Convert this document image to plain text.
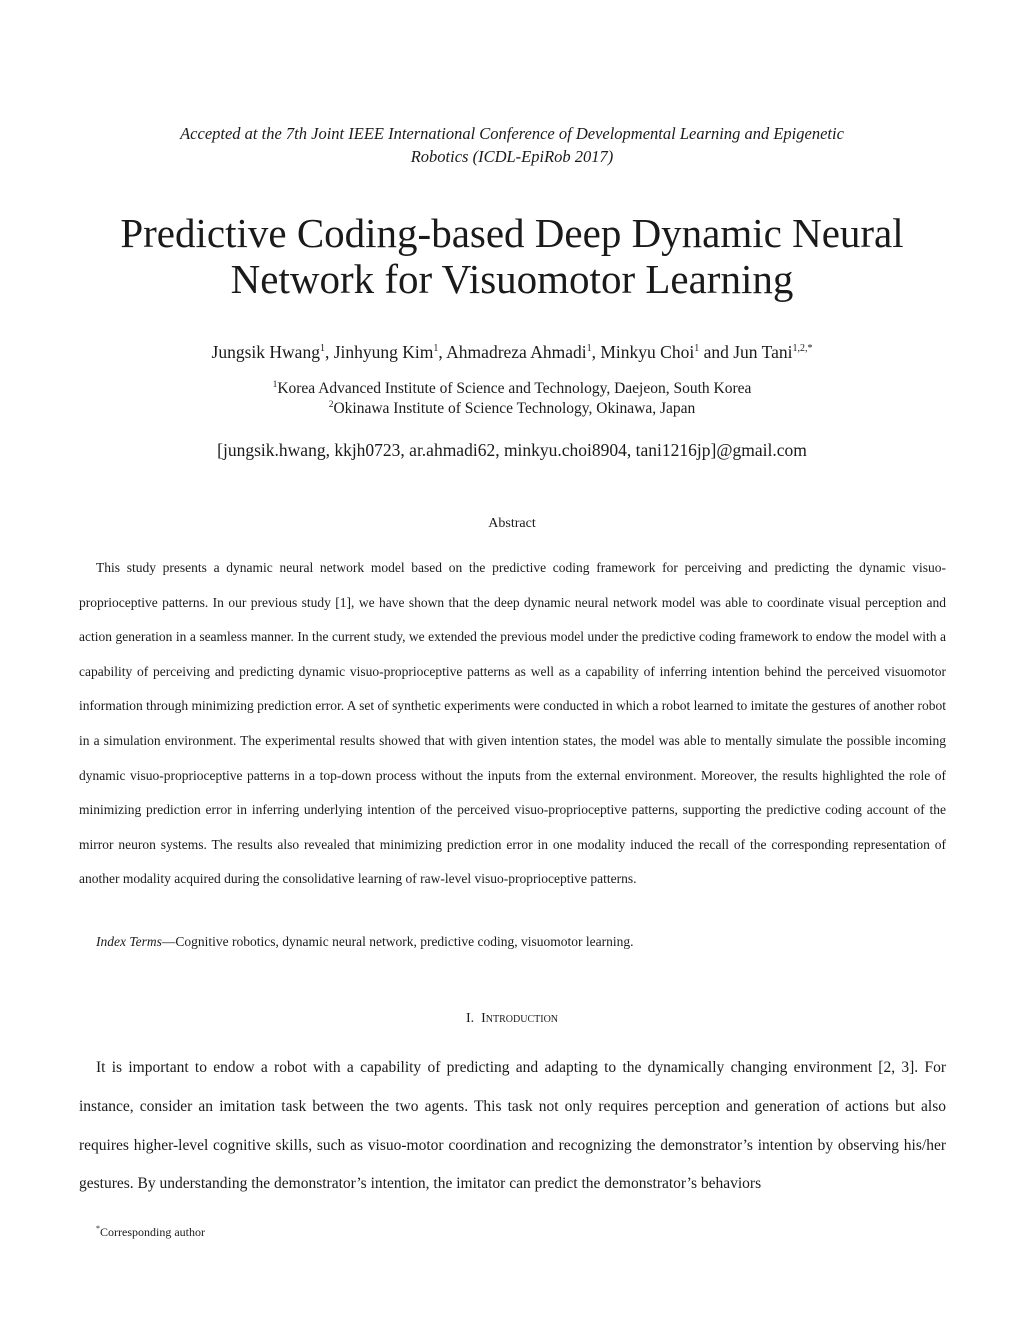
Accepted at the 7th Joint IEEE International Conference of Developmental Learning and Epigenetic
Robotics (ICDL-EpiRob 2017)
Predictive Coding-based Deep Dynamic Neural
Network for Visuomotor Learning
Jungsik Hwang$^1$, Jinhyung Kim$^1$, Ahmadreza Ahmadi$^1$, Minkyu Choi$^1$ and Jun Tani$^{1,2,*}$
$^1$Korea Advanced Institute of Science and Technology, Daejeon, South Korea
$^2$Okinawa Institute of Science Technology, Okinawa, Japan
[jungsik.hwang, kkjh0723, ar.ahmadi62, minkyu.choi8904, tani1216jp]@gmail.com
Abstract

This study presents a dynamic neural network model based on the predictive coding framework for perceiving and predicting the dynamic visuo-proprioceptive patterns. In our previous study [1], we have shown that the deep dynamic neural network model was able to coordinate visual perception and action generation in a seamless manner. In the current study, we extended the previous model under the predictive coding framework to endow the model with a capability of perceiving and predicting dynamic visuo-proprioceptive patterns as well as a capability of inferring intention behind the perceived visuomotor information through minimizing prediction error. A set of synthetic experiments were conducted in which a robot learned to imitate the gestures of another robot in a simulation environment. The experimental results showed that with given intention states, the model was able to mentally simulate the possible incoming dynamic visuo-proprioceptive patterns in a top-down process without the inputs from the external environment. Moreover, the results highlighted the role of minimizing prediction error in inferring underlying intention of the perceived visuo-proprioceptive patterns, supporting the predictive coding account of the mirror neuron systems. The results also revealed that minimizing prediction error in one modality induced the recall of the corresponding representation of another modality acquired during the consolidative learning of raw-level visuo-proprioceptive patterns.

Index Terms—Cognitive robotics, dynamic neural network, predictive coding, visuomotor learning.

I. Introduction

It is important to endow a robot with a capability of predicting and adapting to the dynamically changing environment [2, 3]. For instance, consider an imitation task between the two agents. This task not only requires perception and generation of actions but also requires higher-level cognitive skills, such as visuo-motor coordination and recognizing the demonstrator’s intention by observing his/her gestures. By understanding the demonstrator’s intention, the imitator can predict the demonstrator’s behaviors

*Corresponding author
